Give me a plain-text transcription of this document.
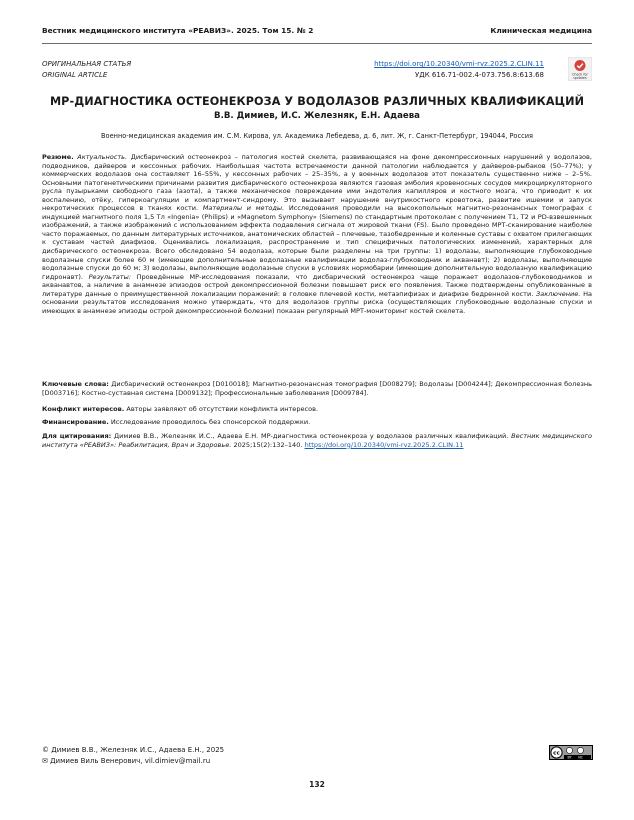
Вестник медицинского института «РЕАВИЗ». 2025. Том 15. № 2	Клиническая медицина
ОРИГИНАЛЬНАЯ СТАТЬЯ
ORIGINAL ARTICLE
https://doi.org/10.20340/vmi-rvz.2025.2.CLIN.11
УДК 616.71-002.4-073.756.8:613.68	Check for
updates
МР-ДИАГНОСТИКА ОСТЕОНЕКРОЗА У ВОДОЛАЗОВ РАЗЛИЧНЫХ КВАЛИФИКАЦИЙ
В.В. Димиев, И.С. Железняк, Е.Н. Адаева
Военно-медицинская академия им. С.М. Кирова, ул. Академика Лебедева, д. 6, лит. Ж, г. Санкт-Петербург, 194044, Россия

Резюме. Актуальность. Дисбарический остеонекроз – патология костей скелета, развивающаяся на фоне декомпрессионных нарушений у водолазов, подводников, дайверов и кессонных рабочих. Наибольшая частота встречаемости данной патологии наблюдается у дайверов-рыбаков (50–77%); у коммерческих водолазов она составляет 16–55%, у кессонных рабочих – 25–35%, а у военных водолазов этот показатель существенно ниже – 2–5%. Основными патогенетическими причинами развития дисбарического остеонекроза являются газовая эмболия кровеносных сосудов микроциркуляторного русла пузырьками свободного газа (азота), а также механическое повреждение ими эндотелия капилляров и костного мозга, что приводит к их воспалению, отёку, гиперкоагуляции и компартмент-синдрому. Это вызывает нарушение внутрикостного кровотока, развитие ишемии и запуск некротических процессов в тканях кости. Материалы и методы. Исследования проводили на высокопольных магнитно-резонансных томографах с индукцией магнитного поля 1,5 Тл «Ingenia» (Philips) и «Magnetom Symphony» (Siemens) по стандартным протоколам с получением Т1, Т2 и PD-взвешенных изображений, а также изображений с использованием эффекта подавления сигнала от жировой ткани (FS). Было проведено МРТ-сканирование наиболее часто поражаемых, по данным литературных источников, анатомических областей – плечевые, тазобедренные и коленные суставы с охватом прилегающих к суставам частей диафизов. Оценивались локализация, распространение и тип специфичных патологических изменений, характерных для дисбарического остеонекроза. Всего обследовано 54 водолаза, которые были разделены на три группы: 1) водолазы, выполняющие глубоководные водолазные спуски более 60 м (имеющие дополнительные водолазные квалификации водолаз-глубоководник и акванавт); 2) водолазы, выполняющие водолазные спуски до 60 м; 3) водолазы, выполняющие водолазные спуски в условиях нормобарии (имеющие дополнительную водолазную квалификацию гидронавт). Результаты: Проведённые МР-исследования показали, что дисбарический остеонекроз чаще поражает водолазов-глубоководников и акванавтов, а наличие в анамнезе эпизодов острой декомпрессионной болезни повышает риск его появления. Также подтверждены опубликованные в литературе данные о преимущественной локализации поражений: в головке плечевой кости, метаэпифизах и диафизе бедренной кости. Заключение. На основании результатов исследования можно утверждать, что для водолазов группы риска (осуществляющих глубоководные водолазные спуски и имеющих в анамнезе эпизоды острой декомпрессионной болезни) показан регулярный МРТ-мониторинг костей скелета.

Ключевые слова: Дисбарический остеонекроз [D010018]; Магнитно-резонансная томография [D008279]; Водолазы [D004244]; Декомпрессионная болезнь [D003716]; Костно-суставная система [D009132]; Профессиональные заболевания [D009784].
Конфликт интересов. Авторы заявляют об отсутствии конфликта интересов.
Финансирование. Исследование проводилось без спонсорской поддержки.
Для цитирования: Димиев В.В., Железняк И.С., Адаева Е.Н. МР-диагностика остеонекроза у водолазов различных квалификаций. Вестник медицинского института «РЕАВИЗ»: Реабилитация, Врач и Здоровье. 2025;15(2):132–140. https://doi.org/10.20340/vmi-rvz.2025.2.CLIN.11
© Димиев В.В., Железняк И.С., Адаева Е.Н., 2025
✉ Димиев Виль Венерович, vil.dimiev@mail.ru
cc
BY NC
132
